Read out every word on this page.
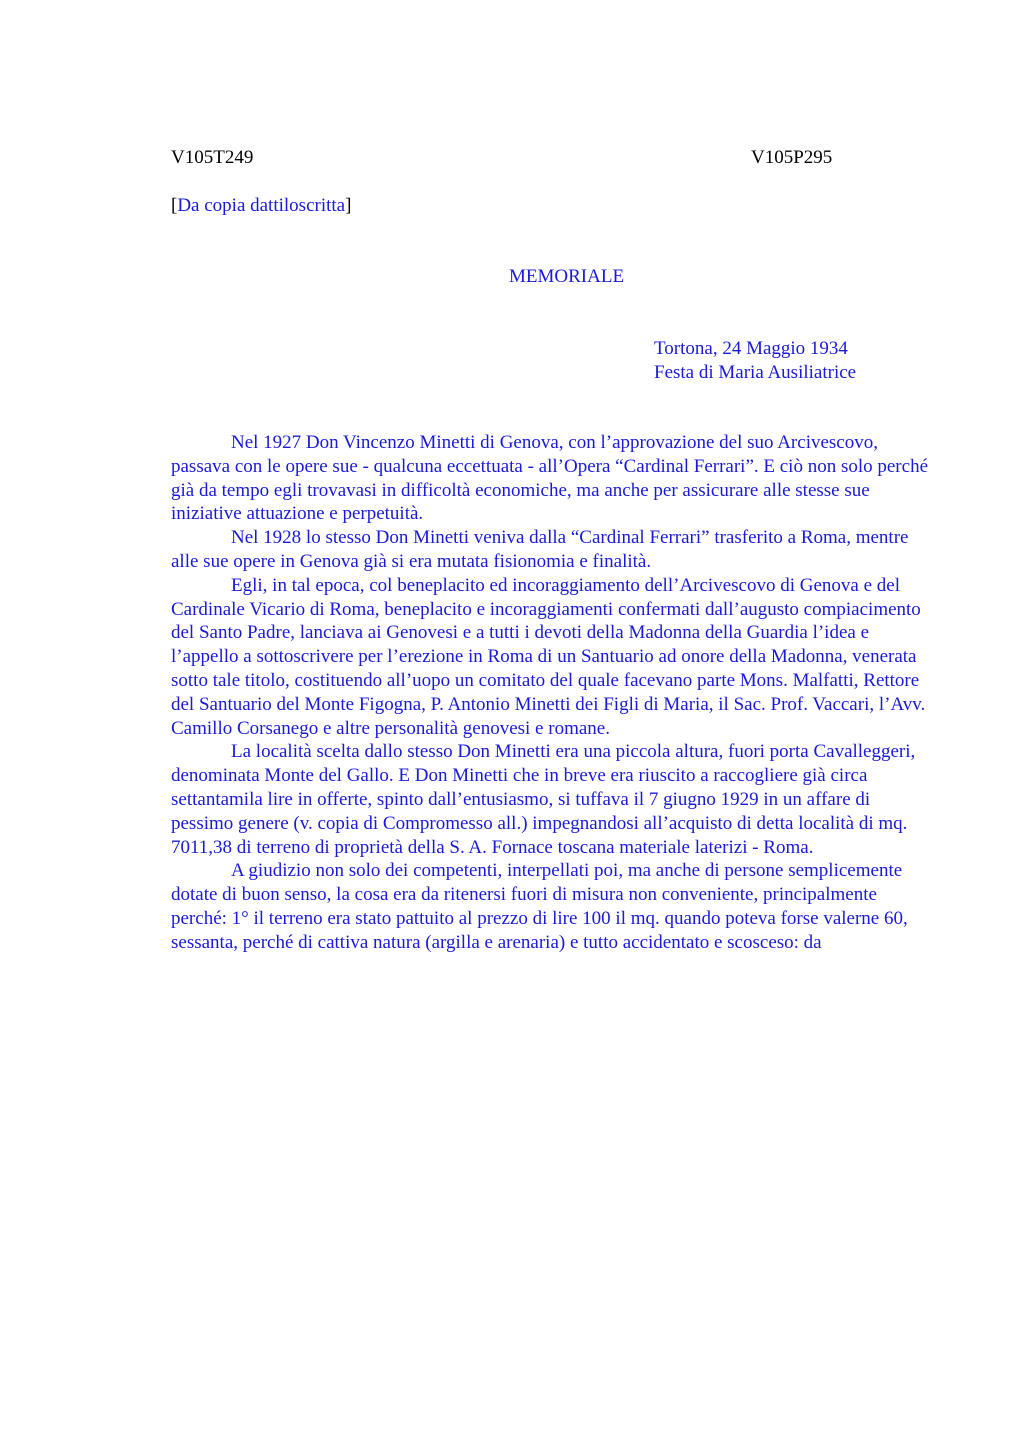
V105T249	V105P295
[Da copia dattiloscritta]
MEMORIALE
Tortona, 24 Maggio 1934
Festa di Maria Ausiliatrice

Nel 1927 Don Vincenzo Minetti di Genova, con l’approvazione del suo Arcivescovo, passava con le opere sue - qualcuna eccettuata - all’Opera “Cardinal Ferrari”. E ciò non solo perché già da tempo egli trovavasi in difficoltà economiche, ma anche per assicurare alle stesse sue iniziative attuazione e perpetuità.

Nel 1928 lo stesso Don Minetti veniva dalla “Cardinal Ferrari” trasferito a Roma, mentre alle sue opere in Genova già si era mutata fisionomia e finalità.

Egli, in tal epoca, col beneplacito ed incoraggiamento dell’Arcivescovo di Genova e del Cardinale Vicario di Roma, beneplacito e incoraggiamenti confermati dall’augusto compiacimento del Santo Padre, lanciava ai Genovesi e a tutti i devoti della Madonna della Guardia l’idea e l’appello a sottoscrivere per l’erezione in Roma di un Santuario ad onore della Madonna, venerata sotto tale titolo, costituendo all’uopo un comitato del quale facevano parte Mons. Malfatti, Rettore del Santuario del Monte Figogna, P. Antonio Minetti dei Figli di Maria, il Sac. Prof. Vaccari, l’Avv. Camillo Corsanego e altre personalità genovesi e romane.

La località scelta dallo stesso Don Minetti era una piccola altura, fuori porta Cavalleggeri, denominata Monte del Gallo. E Don Minetti che in breve era riuscito a raccogliere già circa settantamila lire in offerte, spinto dall’entusiasmo, si tuffava il 7 giugno 1929 in un affare di pessimo genere (v. copia di Compromesso all.) impegnandosi all’acquisto di detta località di mq. 7011,38 di terreno di proprietà della S. A. Fornace toscana materiale laterizi - Roma.

A giudizio non solo dei competenti, interpellati poi, ma anche di persone semplicemente dotate di buon senso, la cosa era da ritenersi fuori di misura non conveniente, principalmente perché: 1° il terreno era stato pattuito al prezzo di lire 100 il mq. quando poteva forse valerne 60, sessanta, perché di cattiva natura (argilla e arenaria) e tutto accidentato e scosceso: da
